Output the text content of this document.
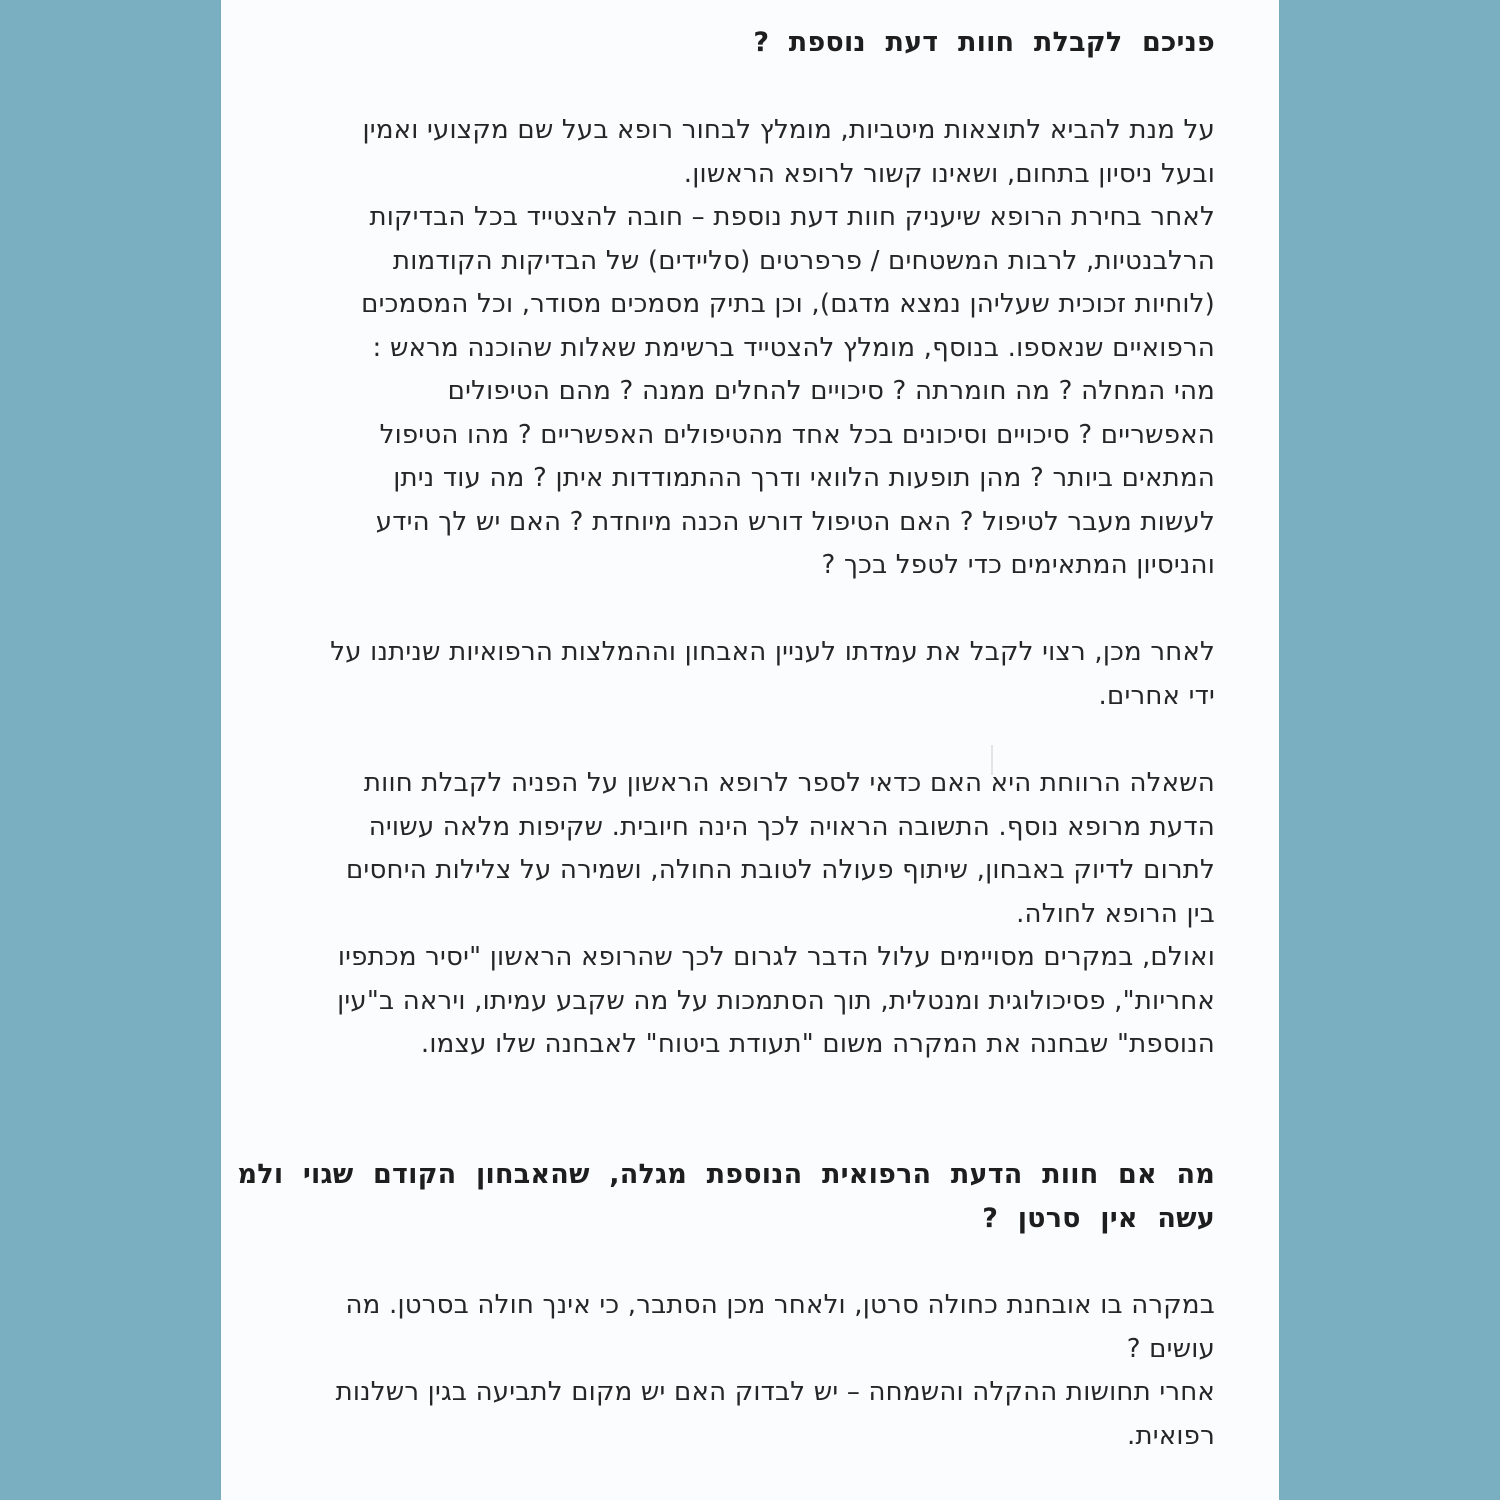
פניכם לקבלת חוות דעת נוספת ?
על מנת להביא לתוצאות מיטביות, מומלץ לבחור רופא בעל שם מקצועי ואמין
ובעל ניסיון בתחום, ושאינו קשור לרופא הראשון.
לאחר בחירת הרופא שיעניק חוות דעת נוספת – חובה להצטייד בכל הבדיקות
הרלבנטיות, לרבות המשטחים / פרפרטים (סליידים) של הבדיקות הקודמות
(לוחיות זכוכית שעליהן נמצא מדגם), וכן בתיק מסמכים מסודר, וכל המסמכים
הרפואיים שנאספו. בנוסף, מומלץ להצטייד ברשימת שאלות שהוכנה מראש :
מהי המחלה ? מה חומרתה ? סיכויים להחלים ממנה ? מהם הטיפולים
האפשריים ? סיכויים וסיכונים בכל אחד מהטיפולים האפשריים ? מהו הטיפול
המתאים ביותר ? מהן תופעות הלוואי ודרך ההתמודדות איתן ? מה עוד ניתן
לעשות מעבר לטיפול ? האם הטיפול דורש הכנה מיוחדת ? האם יש לך הידע
והניסיון המתאימים כדי לטפל בכך ?
לאחר מכן, רצוי לקבל את עמדתו לעניין האבחון וההמלצות הרפואיות שניתנו על
ידי אחרים.
השאלה הרווחת היא האם כדאי לספר לרופא הראשון על הפניה לקבלת חוות
הדעת מרופא נוסף. התשובה הראויה לכך הינה חיובית. שקיפות מלאה עשויה
לתרום לדיוק באבחון, שיתוף פעולה לטובת החולה, ושמירה על צלילות היחסים
בין הרופא לחולה.
ואולם, במקרים מסויימים עלול הדבר לגרום לכך שהרופא הראשון "יסיר מכתפיו
אחריות", פסיכולוגית ומנטלית, תוך הסתמכות על מה שקבע עמיתו, ויראה ב"עין
הנוספת" שבחנה את המקרה משום "תעודת ביטוח" לאבחנה שלו עצמו.
מה אם חוות הדעת הרפואית הנוספת מגלה, שהאבחון הקודם שגוי ולמ
עשה אין סרטן ?
במקרה בו אובחנת כחולה סרטן, ולאחר מכן הסתבר, כי אינך חולה בסרטן. מה
עושים ?
אחרי תחושות ההקלה והשמחה – יש לבדוק האם יש מקום לתביעה בגין רשלנות
רפואית.
